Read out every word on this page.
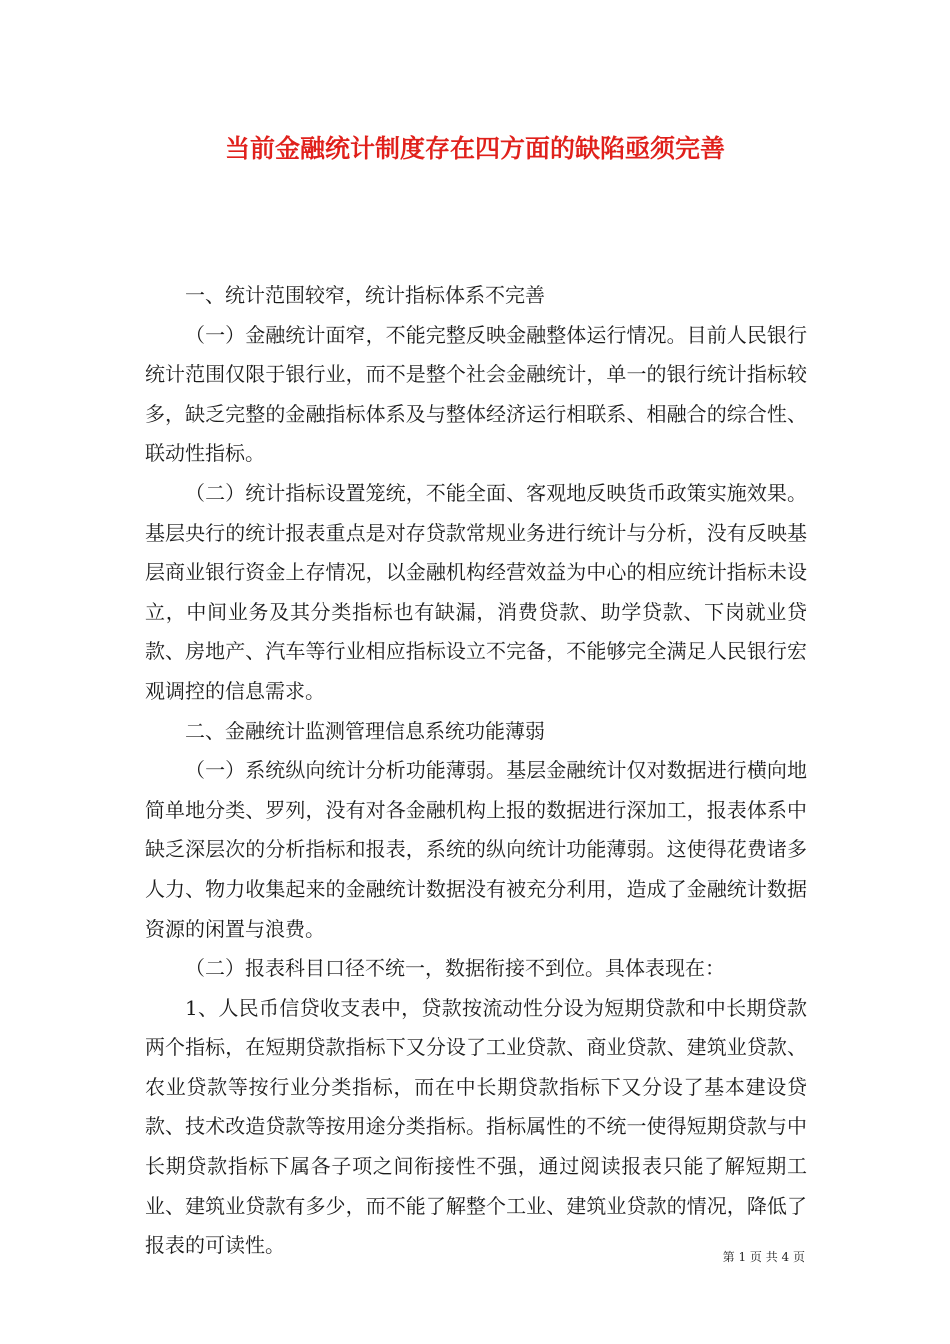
当前金融统计制度存在四方面的缺陷亟须完善

一、统计范围较窄，统计指标体系不完善

（一）金融统计面窄，不能完整反映金融整体运行情况。目前人民银行统计范围仅限于银行业，而不是整个社会金融统计，单一的银行统计指标较多，缺乏完整的金融指标体系及与整体经济运行相联系、相融合的综合性、联动性指标。

（二）统计指标设置笼统，不能全面、客观地反映货币政策实施效果。基层央行的统计报表重点是对存贷款常规业务进行统计与分析，没有反映基层商业银行资金上存情况，以金融机构经营效益为中心的相应统计指标未设立，中间业务及其分类指标也有缺漏，消费贷款、助学贷款、下岗就业贷款、房地产、汽车等行业相应指标设立不完备，不能够完全满足人民银行宏观调控的信息需求。

二、金融统计监测管理信息系统功能薄弱

（一）系统纵向统计分析功能薄弱。基层金融统计仅对数据进行横向地简单地分类、罗列，没有对各金融机构上报的数据进行深加工，报表体系中缺乏深层次的分析指标和报表，系统的纵向统计功能薄弱。这使得花费诸多人力、物力收集起来的金融统计数据没有被充分利用，造成了金融统计数据资源的闲置与浪费。

（二）报表科目口径不统一，数据衔接不到位。具体表现在：

1、人民币信贷收支表中，贷款按流动性分设为短期贷款和中长期贷款两个指标，在短期贷款指标下又分设了工业贷款、商业贷款、建筑业贷款、农业贷款等按行业分类指标，而在中长期贷款指标下又分设了基本建设贷款、技术改造贷款等按用途分类指标。指标属性的不统一使得短期贷款与中长期贷款指标下属各子项之间衔接性不强，通过阅读报表只能了解短期工业、建筑业贷款有多少，而不能了解整个工业、建筑业贷款的情况，降低了报表的可读性。	第 1 页 共 4 页
